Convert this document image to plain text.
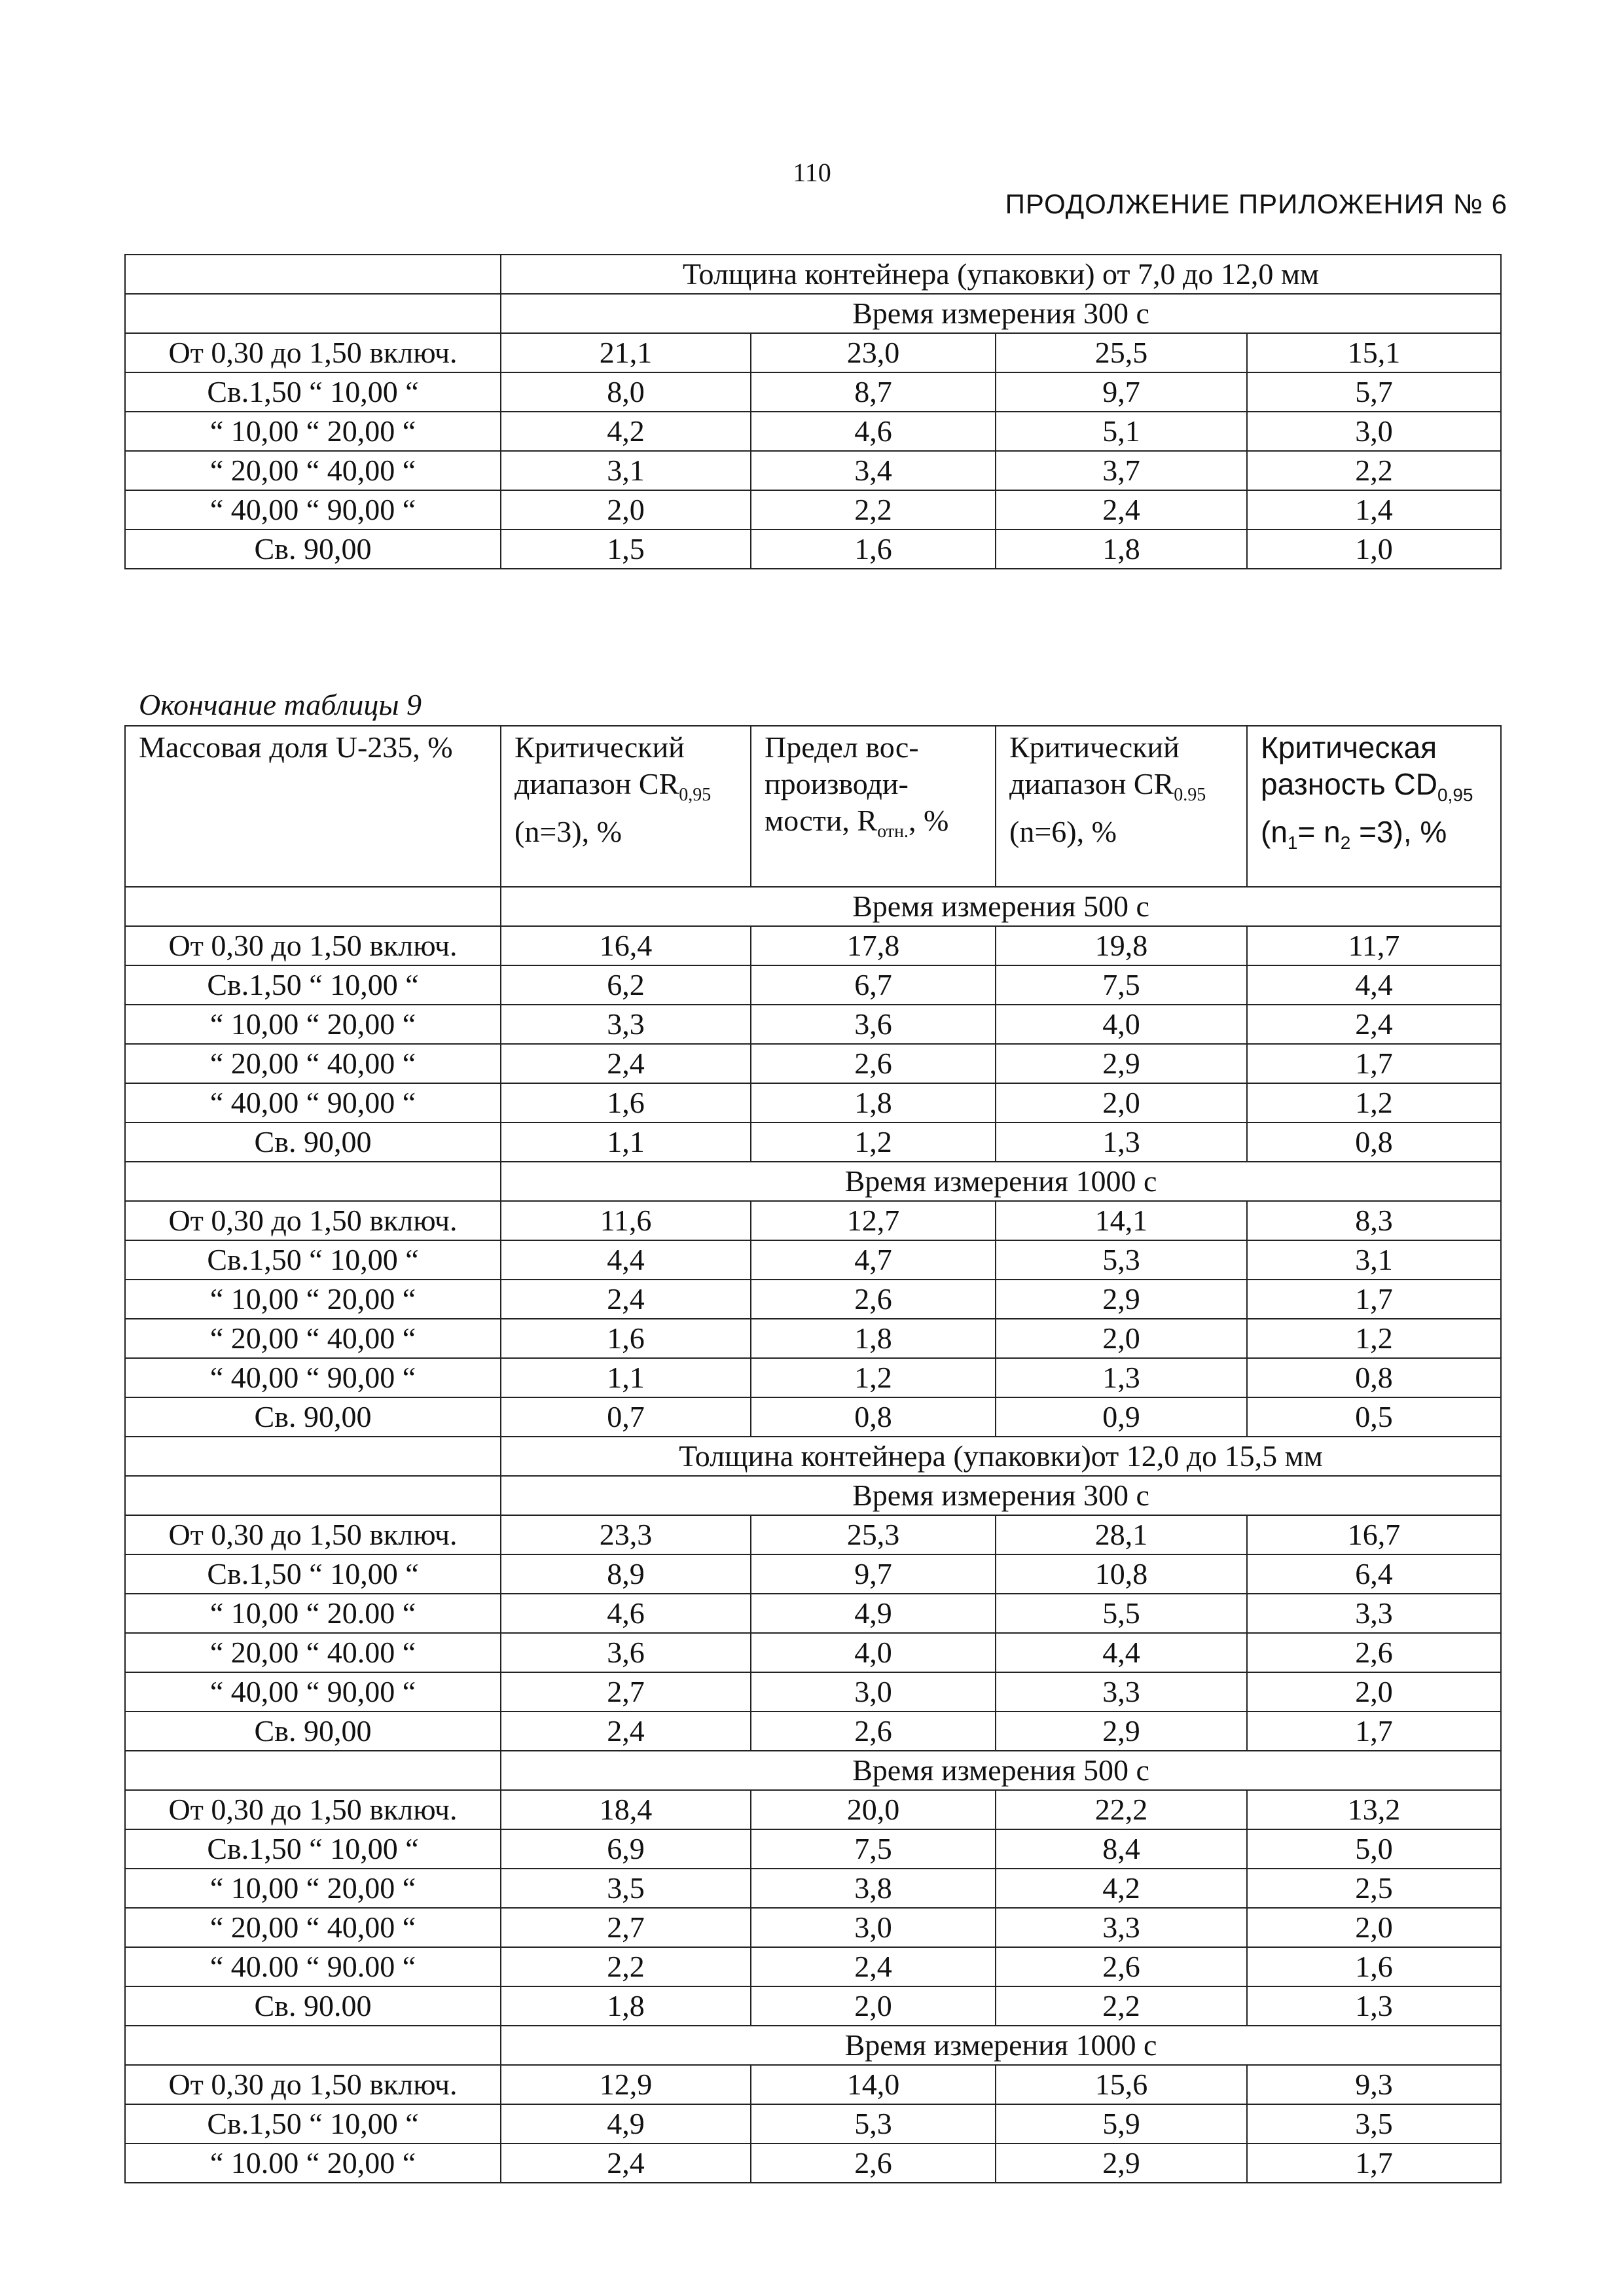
110
ПРОДОЛЖЕНИЕ ПРИЛОЖЕНИЯ № 6
	Толщина контейнера (упаковки) от 7,0 до 12,0 мм			
	Время измерения 300 с			
От 0,30 до 1,50 включ.	21,1	23,0	25,5	15,1
Св.1,50 “ 10,00 “	8,0	8,7	9,7	5,7
“ 10,00 “ 20,00 “	4,2	4,6	5,1	3,0
“ 20,00 “ 40,00 “	3,1	3,4	3,7	2,2
“ 40,00 “ 90,00 “	2,0	2,2	2,4	1,4
Св. 90,00	1,5	1,6	1,8	1,0
Окончание таблицы 9
Массовая доля U-235, %	Критический диапазон $CR_{0,95}$ (n=3), %	Предел вос-производи-мости, $R_{отн.}$, %	Критический диапазон $CR_{0.95}$ (n=6), %	Критическая разность $CD_{0,95}$ $(n_1= n_2 =3)$, %
	Время измерения 500 с			
От 0,30 до 1,50 включ.	16,4	17,8	19,8	11,7
Св.1,50 “ 10,00 “	6,2	6,7	7,5	4,4
“ 10,00 “ 20,00 “	3,3	3,6	4,0	2,4
“ 20,00 “ 40,00 “	2,4	2,6	2,9	1,7
“ 40,00 “ 90,00 “	1,6	1,8	2,0	1,2
Св. 90,00	1,1	1,2	1,3	0,8
	Время измерения 1000 с			
От 0,30 до 1,50 включ.	11,6	12,7	14,1	8,3
Св.1,50 “ 10,00 “	4,4	4,7	5,3	3,1
“ 10,00 “ 20,00 “	2,4	2,6	2,9	1,7
“ 20,00 “ 40,00 “	1,6	1,8	2,0	1,2
“ 40,00 “ 90,00 “	1,1	1,2	1,3	0,8
Св. 90,00	0,7	0,8	0,9	0,5
	Толщина контейнера (упаковки)от 12,0 до 15,5 мм			
	Время измерения 300 с			
От 0,30 до 1,50 включ.	23,3	25,3	28,1	16,7
Св.1,50 “ 10,00 “	8,9	9,7	10,8	6,4
“ 10,00 “ 20.00 “	4,6	4,9	5,5	3,3
“ 20,00 “ 40.00 “	3,6	4,0	4,4	2,6
“ 40,00 “ 90,00 “	2,7	3,0	3,3	2,0
Св. 90,00	2,4	2,6	2,9	1,7
	Время измерения 500 с			
От 0,30 до 1,50 включ.	18,4	20,0	22,2	13,2
Св.1,50 “ 10,00 “	6,9	7,5	8,4	5,0
“ 10,00 “ 20,00 “	3,5	3,8	4,2	2,5
“ 20,00 “ 40,00 “	2,7	3,0	3,3	2,0
“ 40.00 “ 90.00 “	2,2	2,4	2,6	1,6
Св. 90.00	1,8	2,0	2,2	1,3
	Время измерения 1000 с			
От 0,30 до 1,50 включ.	12,9	14,0	15,6	9,3
Св.1,50 “ 10,00 “	4,9	5,3	5,9	3,5
“ 10.00 “ 20,00 “	2,4	2,6	2,9	1,7
